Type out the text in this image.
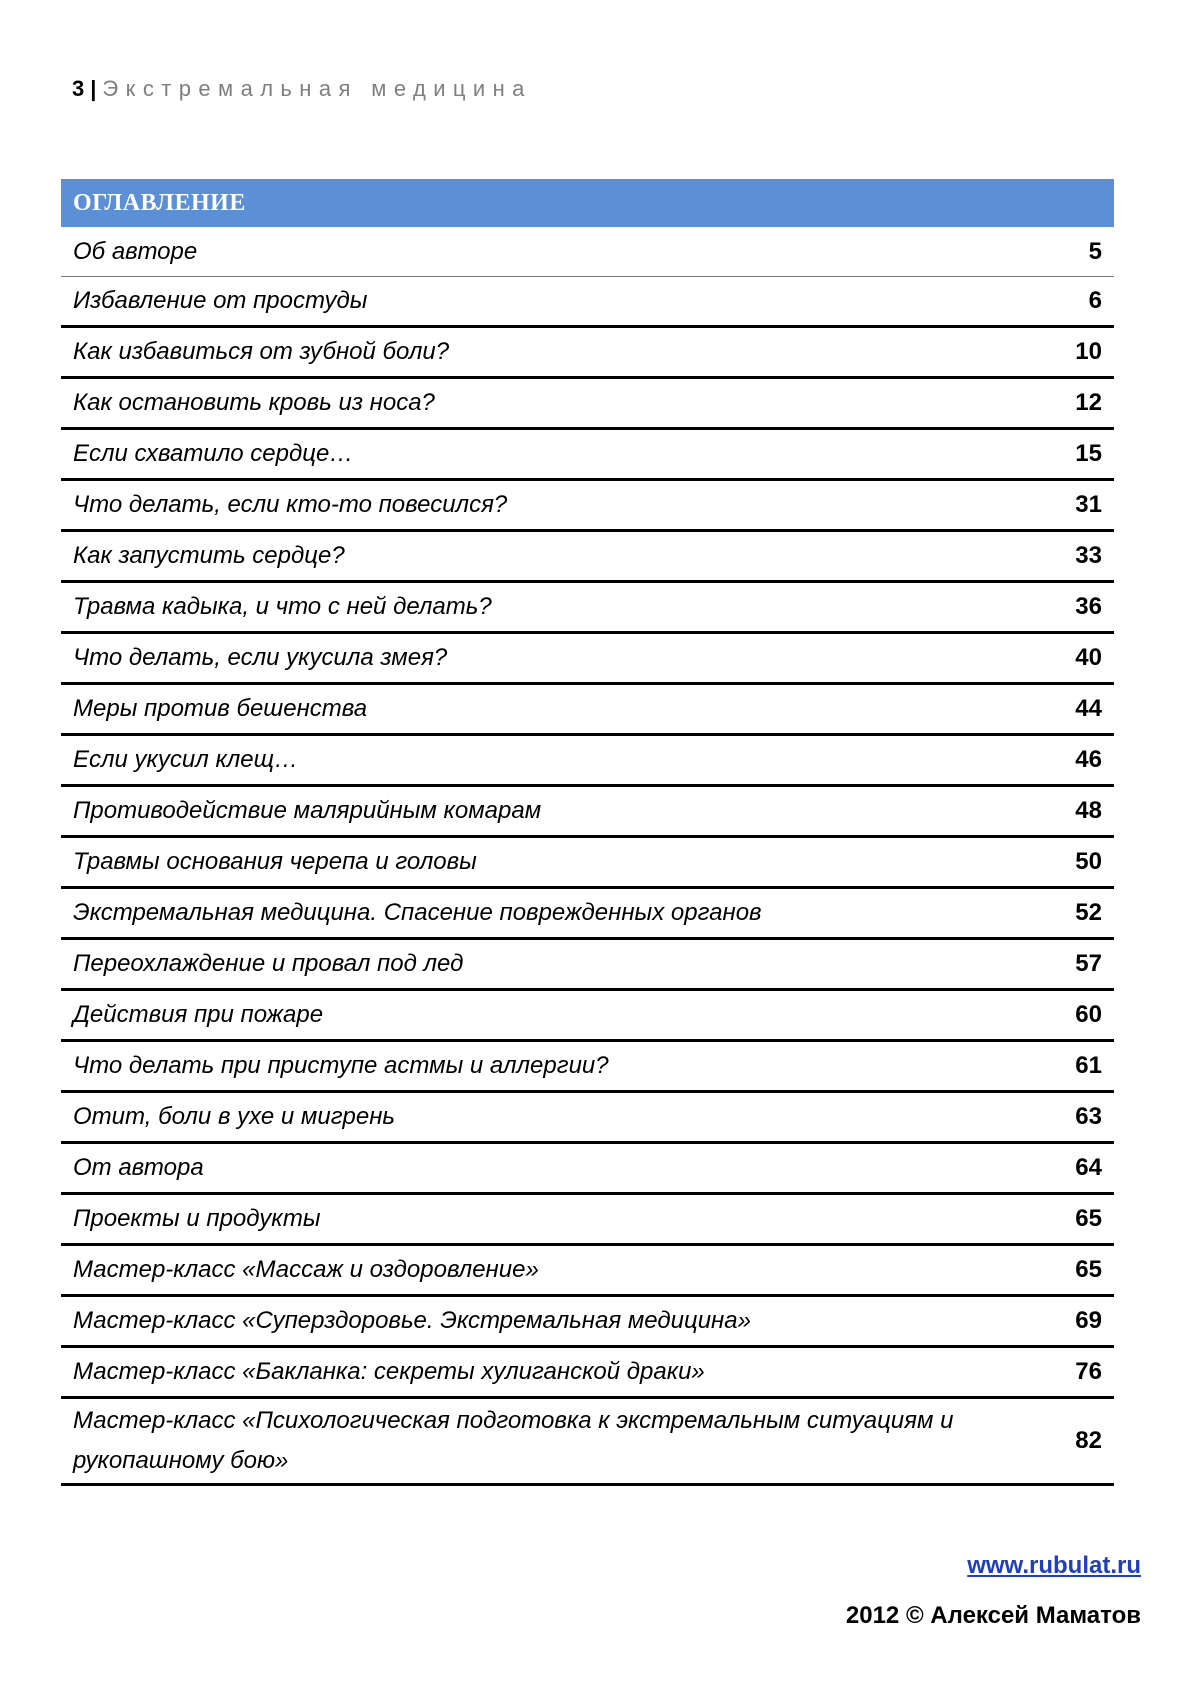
3 | Экстремальная медицина
ОГЛАВЛЕНИЕ	
Об авторе	5
Избавление от простуды	6
Как избавиться от зубной боли?	10
Как остановить кровь из носа?	12
Если схватило сердце…	15
Что делать, если кто-то повесился?	31
Как запустить сердце?	33
Травма кадыка, и что с ней делать?	36
Что делать, если укусила змея?	40
Меры против бешенства	44
Если укусил клещ…	46
Противодействие малярийным комарам	48
Травмы основания черепа и головы	50
Экстремальная медицина. Спасение поврежденных органов	52
Переохлаждение и провал под лед	57
Действия при пожаре	60
Что делать при приступе астмы и аллергии?	61
Отит, боли в ухе и мигрень	63
От автора	64
Проекты и продукты	65
Мастер-класс «Массаж и оздоровление»	65
Мастер-класс «Суперздоровье. Экстремальная медицина»	69
Мастер-класс «Бакланка: секреты хулиганской драки»	76
Мастер-класс «Психологическая подготовка к экстремальным ситуациям и рукопашному бою»	82
www.rubulat.ru
2012 © Алексей Маматов
